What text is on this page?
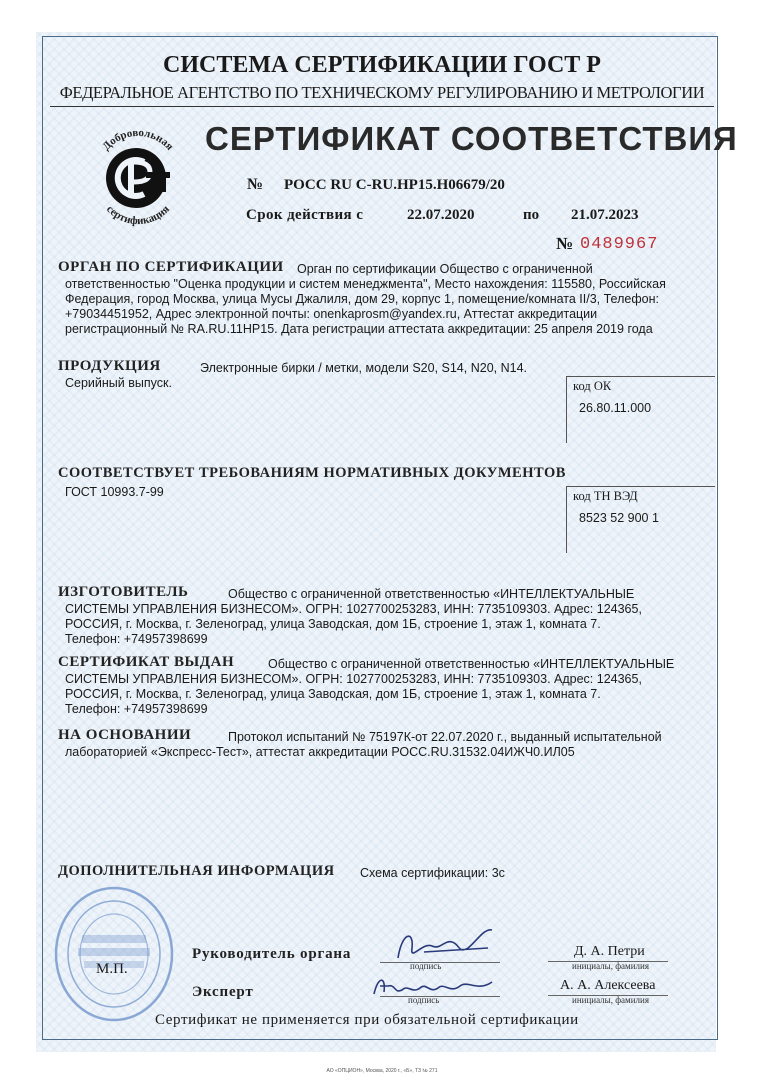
СИСТЕМА СЕРТИФИКАЦИИ ГОСТ Р
ФЕДЕРАЛЬНОЕ АГЕНТСТВО ПО ТЕХНИЧЕСКОМУ РЕГУЛИРОВАНИЮ И МЕТРОЛОГИИ
Добровольная
сертификация
СЕРТИФИКАТ СООТВЕТСТВИЯ
№ РОСС RU С-RU.НР15.Н06679/20
Срок действия с	22.07.2020	по 21.07.2023
№ 0489967
ОРГАН ПО СЕРТИФИКАЦИИ Орган по сертификации Общество с ограниченной
ответственностью "Оценка продукции и систем менеджмента", Место нахождения: 115580, Российская
Федерация, город Москва, улица Мусы Джалиля, дом 29, корпус 1, помещение/комната II/3, Телефон:
+79034451952, Адрес электронной почты: onenkaprosm@yandex.ru, Аттестат аккредитации
регистрационный № RA.RU.11НР15. Дата регистрации аттестата аккредитации: 25 апреля 2019 года
ПРОДУКЦИЯ	Электронные бирки / метки, модели S20, S14, N20, N14.
Серийный выпуск.	код ОК
26.80.11.000
СООТВЕТСТВУЕТ ТРЕБОВАНИЯМ НОРМАТИВНЫХ ДОКУМЕНТОВ
ГОСТ 10993.7-99	код ТН ВЭД
8523 52 900 1
ИЗГОТОВИТЕЛЬ	Общество с ограниченной ответственностью «ИНТЕЛЛЕКТУАЛЬНЫЕ
СИСТЕМЫ УПРАВЛЕНИЯ БИЗНЕСОМ». ОГРН: 1027700253283, ИНН: 7735109303. Адрес: 124365,
РОССИЯ, г. Москва, г. Зеленоград, улица Заводская, дом 1Б, строение 1, этаж 1, комната 7.
Телефон: +74957398699
СЕРТИФИКАТ ВЫДАН	Общество с ограниченной ответственностью «ИНТЕЛЛЕКТУАЛЬНЫЕ
СИСТЕМЫ УПРАВЛЕНИЯ БИЗНЕСОМ». ОГРН: 1027700253283, ИНН: 7735109303. Адрес: 124365,
РОССИЯ, г. Москва, г. Зеленоград, улица Заводская, дом 1Б, строение 1, этаж 1, комната 7.
Телефон: +74957398699
НА ОСНОВАНИИ	Протокол испытаний № 75197К-от 22.07.2020 г., выданный испытательной
лабораторией «Экспресс-Тест», аттестат аккредитации РОСС.RU.31532.04ИЖЧ0.ИЛ05
ДОПОЛНИТЕЛЬНАЯ ИНФОРМАЦИЯ Схема сертификации: 3с
М.П.
Руководитель органа
подпись
Д. А. Петри
инициалы, фамилия
Эксперт	подпись
А. А. Алексеева
инициалы, фамилия
Сертификат не применяется при обязательной сертификации
АО «ОПЦИОН», Москва, 2020 г., «Б», ТЗ № 271
